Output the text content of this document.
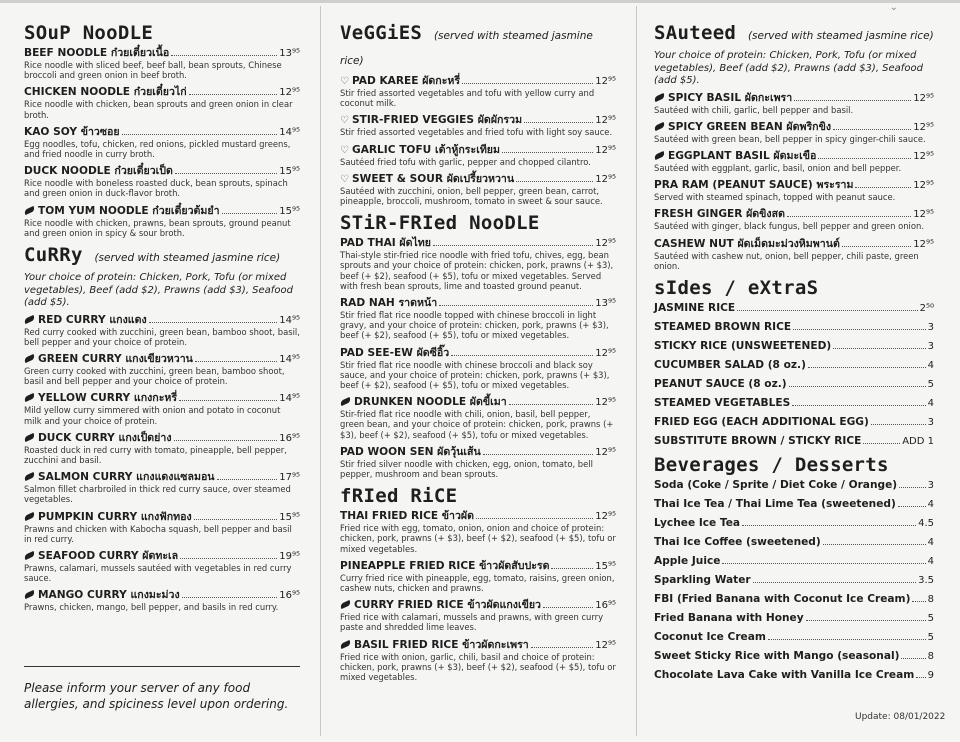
⌄
SOuP NooDLE
BEEF NOODLE ก๋วยเตี๋ยวเนื้อ	13⁹⁵
Rice noodle with sliced beef, beef ball, bean sprouts, Chinese broccoli and green onion in beef broth.
CHICKEN NOODLE ก๋วยเตี๋ยวไก่	12⁹⁵
Rice noodle with chicken, bean sprouts and green onion in clear broth.
KAO SOY ข้าวซอย	14⁹⁵
Egg noodles, tofu, chicken, red onions, pickled mustard greens, and fried noodle in curry broth.
DUCK NOODLE ก๋วยเตี๋ยวเป็ด	15⁹⁵
Rice noodle with boneless roasted duck, bean sprouts, spinach and green onion in duck-flavor broth.
TOM YUM NOODLE ก๋วยเตี๋ยวต้มยำ	15⁹⁵
Rice noodle with chicken, prawns, bean sprouts, ground peanut and green onion in spicy & sour broth.
CuRRy (served with steamed jasmine rice)
Your choice of protein: Chicken, Pork, Tofu (or mixed vegetables), Beef (add $2), Prawns (add $3), Seafood (add $5).
RED CURRY แกงแดง	14⁹⁵
Red curry cooked with zucchini, green bean, bamboo shoot, basil, bell pepper and your choice of protein.
GREEN CURRY แกงเขียวหวาน	14⁹⁵
Green curry cooked with zucchini, green bean, bamboo shoot, basil and bell pepper and your choice of protein.
YELLOW CURRY แกงกะหรี่	14⁹⁵
Mild yellow curry simmered with onion and potato in coconut milk and your choice of protein.
DUCK CURRY แกงเป็ดย่าง	16⁹⁵
Roasted duck in red curry with tomato, pineapple, bell pepper, zucchini and basil.
SALMON CURRY แกงแดงแซลมอน	17⁹⁵
Salmon fillet charbroiled in thick red curry sauce, over steamed vegetables.
PUMPKIN CURRY แกงฟักทอง	15⁹⁵
Prawns and chicken with Kabocha squash, bell pepper and basil in red curry.
SEAFOOD CURRY ผัดทะเล	19⁹⁵
Prawns, calamari, mussels sautéed with vegetables in red curry sauce.
MANGO CURRY แกงมะม่วง	16⁹⁵
Prawns, chicken, mango, bell pepper, and basils in red curry.
VeGGiES (served with steamed jasmine rice)
♡ PAD KAREE ผัดกะหรี่	12⁹⁵
Stir fried assorted vegetables and tofu with yellow curry and coconut milk.
♡ STIR-FRIED VEGGIES ผัดผักรวม	12⁹⁵
Stir fried assorted vegetables and fried tofu with light soy sauce.
♡ GARLIC TOFU เต้าหู้กระเทียม	12⁹⁵
Sautéed fried tofu with garlic, pepper and chopped cilantro.
♡ SWEET & SOUR ผัดเปรี้ยวหวาน	12⁹⁵
Sautéed with zucchini, onion, bell pepper, green bean, carrot, pineapple, broccoli, mushroom, tomato in sweet & sour sauce.
STiR-FRIed NooDLE
PAD THAI ผัดไทย	12⁹⁵
Thai-style stir-fried rice noodle with fried tofu, chives, egg, bean sprouts and your choice of protein: chicken, pork, prawns (+ $3), beef (+ $2), seafood (+ $5), tofu or mixed vegetables. Served with fresh bean sprouts, lime and toasted ground peanut.
RAD NAH ราดหน้า	13⁹⁵
Stir fried flat rice noodle topped with chinese broccoli in light gravy, and your choice of protein: chicken, pork, prawns (+ $3), beef (+ $2), seafood (+ $5), tofu or mixed vegetables.
PAD SEE-EW ผัดซีอิ๊ว	12⁹⁵
Stir fried flat rice noodle with chinese broccoli and black soy sauce, and your choice of protein: chicken, pork, prawns (+ $3), beef (+ $2), seafood (+ $5), tofu or mixed vegetables.
DRUNKEN NOODLE ผัดขี้เมา	12⁹⁵
Stir-fried flat rice noodle with chili, onion, basil, bell pepper, green bean, and your choice of protein: chicken, pork, prawns (+ $3), beef (+ $2), seafood (+ $5), tofu or mixed vegetables.
PAD WOON SEN ผัดวุ้นเส้น	12⁹⁵
Stir fried silver noodle with chicken, egg, onion, tomato, bell pepper, mushroom and bean sprouts.
fRIed RiCE
THAI FRIED RICE ข้าวผัด	12⁹⁵
Fried rice with egg, tomato, onion, onion and choice of protein: chicken, pork, prawns (+ $3), beef (+ $2), seafood (+ $5), tofu or mixed vegetables.
PINEAPPLE FRIED RICE ข้าวผัดสับปะรด	15⁹⁵
Curry fried rice with pineapple, egg, tomato, raisins, green onion, cashew nuts, chicken and prawns.
CURRY FRIED RICE ข้าวผัดแกงเขียว	16⁹⁵
Fried rice with calamari, mussels and prawns, with green curry paste and shredded lime leaves.
BASIL FRIED RICE ข้าวผัดกะเพรา	12⁹⁵
Fried rice with onion, garlic, chili, basil and choice of protein: chicken, pork, prawns (+ $3), beef (+ $2), seafood (+ $5), tofu or mixed vegetables.
SAuteed (served with steamed jasmine rice)
Your choice of protein: Chicken, Pork, Tofu (or mixed vegetables), Beef (add $2), Prawns (add $3), Seafood (add $5).
SPICY BASIL ผัดกะเพรา	12⁹⁵
Sautéed with chili, garlic, bell pepper and basil.
SPICY GREEN BEAN ผัดพริกขิง	12⁹⁵
Sautéed with green bean, bell pepper in spicy ginger-chili sauce.
EGGPLANT BASIL ผัดมะเขือ	12⁹⁵
Sautéed with eggplant, garlic, basil, onion and bell pepper.
PRA RAM (PEANUT SAUCE) พระราม	12⁹⁵
Served with steamed spinach, topped with peanut sauce.
FRESH GINGER ผัดขิงสด	12⁹⁵
Sautéed with ginger, black fungus, bell pepper and green onion.
CASHEW NUT ผัดเม็ดมะม่วงหิมพานต์	12⁹⁵
Sautéed with cashew nut, onion, bell pepper, chili paste, green onion.
sIdes / eXtraS
JASMINE RICE	2⁵⁰
STEAMED BROWN RICE	3
STICKY RICE (UNSWEETENED)	3
CUCUMBER SALAD (8 oz.)	4
PEANUT SAUCE (8 oz.)	5
STEAMED VEGETABLES	4
FRIED EGG (EACH ADDITIONAL EGG)	3
SUBSTITUTE BROWN / STICKY RICE	ADD 1
Beverages / Desserts
Soda (Coke / Sprite / Diet Coke / Orange)	3
Thai Ice Tea / Thai Lime Tea (sweetened)	4
Lychee Ice Tea	4.5
Thai Ice Coffee (sweetened)	4
Apple Juice	4
Sparkling Water	3.5
FBI (Fried Banana with Coconut Ice Cream) 8
Fried Banana with Honey	5
Coconut Ice Cream	5
Sweet Sticky Rice with Mango (seasonal)	8
Chocolate Lava Cake with Vanilla Ice Cream 9
Please inform your server of any food allergies, and spiciness level upon ordering.
Update: 08/01/2022
